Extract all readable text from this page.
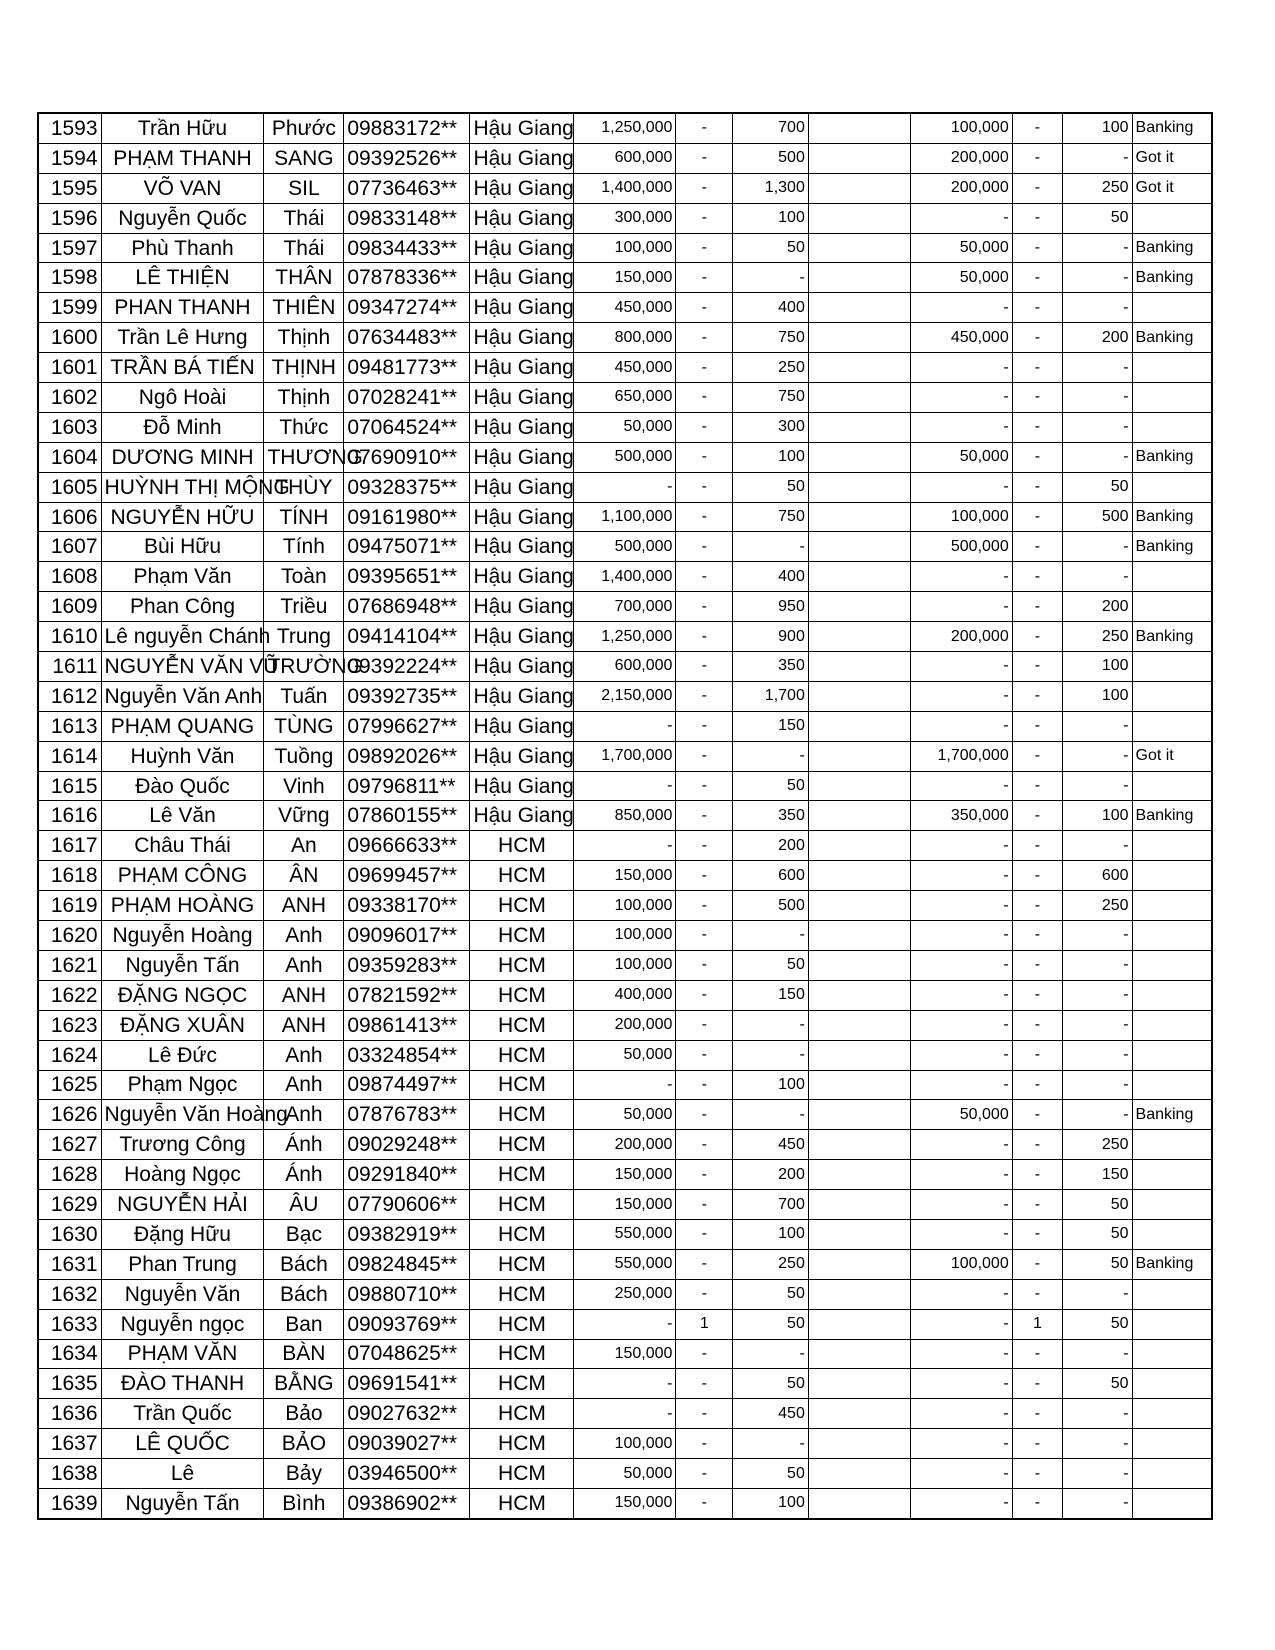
1593	Trần Hữu	Phước	09883172**	Hậu Giang	1,250,000	-	700		100,000	-	100	Banking
1594	PHẠM THANH	SANG	09392526**	Hậu Giang	600,000	-	500		200,000	-	-	Got it
1595	VÕ VAN	SIL	07736463**	Hậu Giang	1,400,000	-	1,300		200,000	-	250	Got it
1596	Nguyễn Quốc	Thái	09833148**	Hậu Giang	300,000	-	100		-	-	50	
1597	Phù Thanh	Thái	09834433**	Hậu Giang	100,000	-	50		50,000	-	-	Banking
1598	LÊ THIỆN	THÂN	07878336**	Hậu Giang	150,000	-	-		50,000	-	-	Banking
1599	PHAN THANH	THIÊN	09347274**	Hậu Giang	450,000	-	400		-	-	-	
1600	Trần Lê Hưng	Thịnh	07634483**	Hậu Giang	800,000	-	750		450,000	-	200	Banking
1601	TRẦN BÁ TIẾN	THỊNH	09481773**	Hậu Giang	450,000	-	250		-	-	-	
1602	Ngô Hoài	Thịnh	07028241**	Hậu Giang	650,000	-	750		-	-	-	
1603	Đỗ Minh	Thức	07064524**	Hậu Giang	50,000	-	300		-	-	-	
1604	DƯƠNG MINH	THƯƠNG	07690910**	Hậu Giang	500,000	-	100		50,000	-	-	Banking
1605	HUỲNH THỊ MỘNG	THÙY	09328375**	Hậu Giang	-	-	50		-	-	50	
1606	NGUYỄN HỮU	TÍNH	09161980**	Hậu Giang	1,100,000	-	750		100,000	-	500	Banking
1607	Bùi Hữu	Tính	09475071**	Hậu Giang	500,000	-	-		500,000	-	-	Banking
1608	Phạm Văn	Toàn	09395651**	Hậu Giang	1,400,000	-	400		-	-	-	
1609	Phan Công	Triều	07686948**	Hậu Giang	700,000	-	950		-	-	200	
1610	Lê nguyễn Chánh	Trung	09414104**	Hậu Giang	1,250,000	-	900		200,000	-	250	Banking
1611	NGUYỄN VĂN VŨ	TRƯỜNG	09392224**	Hậu Giang	600,000	-	350		-	-	100	
1612	Nguyễn Văn Anh	Tuấn	09392735**	Hậu Giang	2,150,000	-	1,700		-	-	100	
1613	PHẠM QUANG	TÙNG	07996627**	Hậu Giang	-	-	150		-	-	-	
1614	Huỳnh Văn	Tuồng	09892026**	Hậu Giang	1,700,000	-	-		1,700,000	-	-	Got it
1615	Đào Quốc	Vinh	09796811**	Hậu Giang	-	-	50		-	-	-	
1616	Lê Văn	Vững	07860155**	Hậu Giang	850,000	-	350		350,000	-	100	Banking
1617	Châu Thái	An	09666633**	HCM	-	-	200		-	-	-	
1618	PHẠM CÔNG	ÂN	09699457**	HCM	150,000	-	600		-	-	600	
1619	PHẠM HOÀNG	ANH	09338170**	HCM	100,000	-	500		-	-	250	
1620	Nguyễn Hoàng	Anh	09096017**	HCM	100,000	-	-		-	-	-	
1621	Nguyễn Tấn	Anh	09359283**	HCM	100,000	-	50		-	-	-	
1622	ĐẶNG NGỌC	ANH	07821592**	HCM	400,000	-	150		-	-	-	
1623	ĐẶNG XUÂN	ANH	09861413**	HCM	200,000	-	-		-	-	-	
1624	Lê Đức	Anh	03324854**	HCM	50,000	-	-		-	-	-	
1625	Phạm Ngọc	Anh	09874497**	HCM	-	-	100		-	-	-	
1626	Nguyễn Văn Hoàng	Anh	07876783**	HCM	50,000	-	-		50,000	-	-	Banking
1627	Trương Công	Ánh	09029248**	HCM	200,000	-	450		-	-	250	
1628	Hoàng Ngọc	Ánh	09291840**	HCM	150,000	-	200		-	-	150	
1629	NGUYỄN HẢI	ÂU	07790606**	HCM	150,000	-	700		-	-	50	
1630	Đặng Hữu	Bạc	09382919**	HCM	550,000	-	100		-	-	50	
1631	Phan Trung	Bách	09824845**	HCM	550,000	-	250		100,000	-	50	Banking
1632	Nguyễn Văn	Bách	09880710**	HCM	250,000	-	50		-	-	-	
1633	Nguyễn ngọc	Ban	09093769**	HCM	-	1	50		-	1	50	
1634	PHẠM VĂN	BÀN	07048625**	HCM	150,000	-	-		-	-	-	
1635	ĐÀO THANH	BẰNG	09691541**	HCM	-	-	50		-	-	50	
1636	Trần Quốc	Bảo	09027632**	HCM	-	-	450		-	-	-	
1637	LÊ QUỐC	BẢO	09039027**	HCM	100,000	-	-		-	-	-	
1638	Lê	Bảy	03946500**	HCM	50,000	-	50		-	-	-	
1639	Nguyễn Tấn	Bình	09386902**	HCM	150,000	-	100		-	-	-	
